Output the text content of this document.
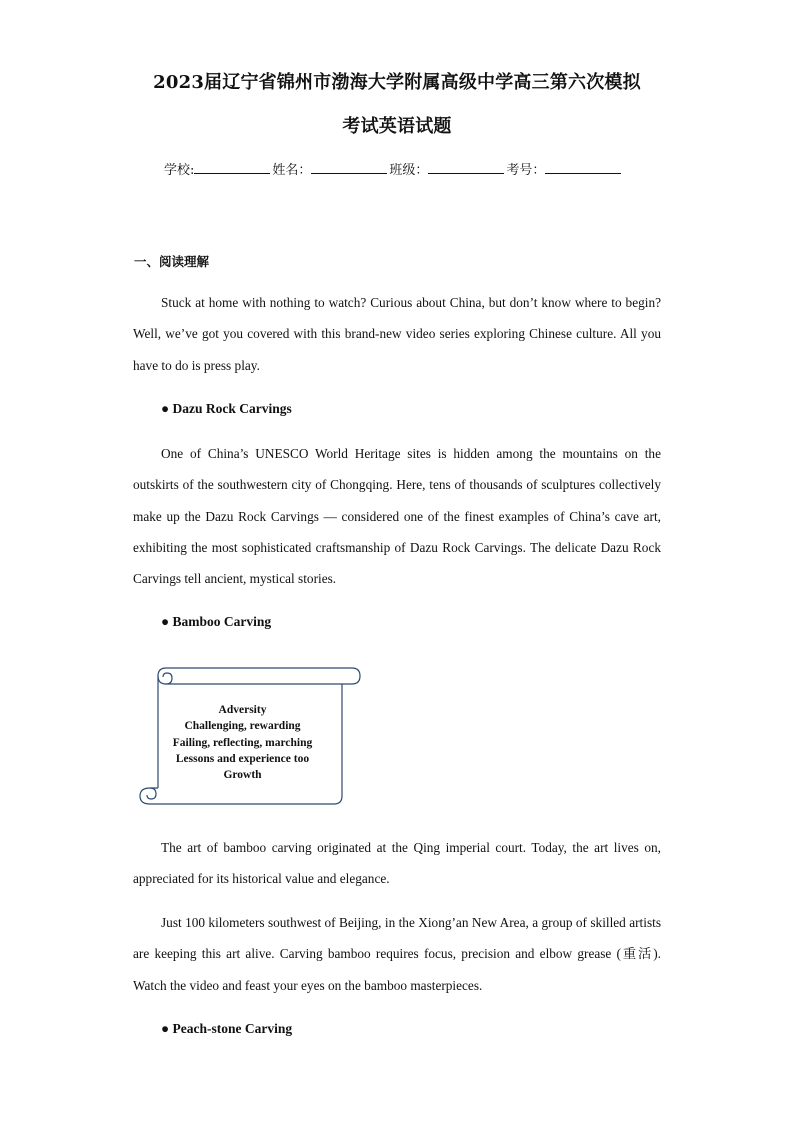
2023届辽宁省锦州市渤海大学附属高级中学高三第六次模拟
考试英语试题
学校:	姓名：	班级：	考号：
一、阅读理解
Stuck at home with nothing to watch? Curious about China, but don’t know where to begin? Well, we’ve got you covered with this brand-new video series exploring Chinese culture. All you have to do is press play.
● Dazu Rock Carvings
One of China’s UNESCO World Heritage sites is hidden among the mountains on the outskirts of the southwestern city of Chongqing. Here, tens of thousands of sculptures collectively make up the Dazu Rock Carvings — considered one of the finest examples of China’s cave art, exhibiting the most sophisticated craftsmanship of Dazu Rock Carvings. The delicate Dazu Rock Carvings tell ancient, mystical stories.
● Bamboo Carving
Adversity
Challenging, rewarding
Failing, reflecting, marching
Lessons and experience too
Growth
The art of bamboo carving originated at the Qing imperial court. Today, the art lives on, appreciated for its historical value and elegance.
Just 100 kilometers southwest of Beijing, in the Xiong’an New Area, a group of skilled artists are keeping this art alive. Carving bamboo requires focus, precision and elbow grease (重活). Watch the video and feast your eyes on the bamboo masterpieces.
● Peach-stone Carving
